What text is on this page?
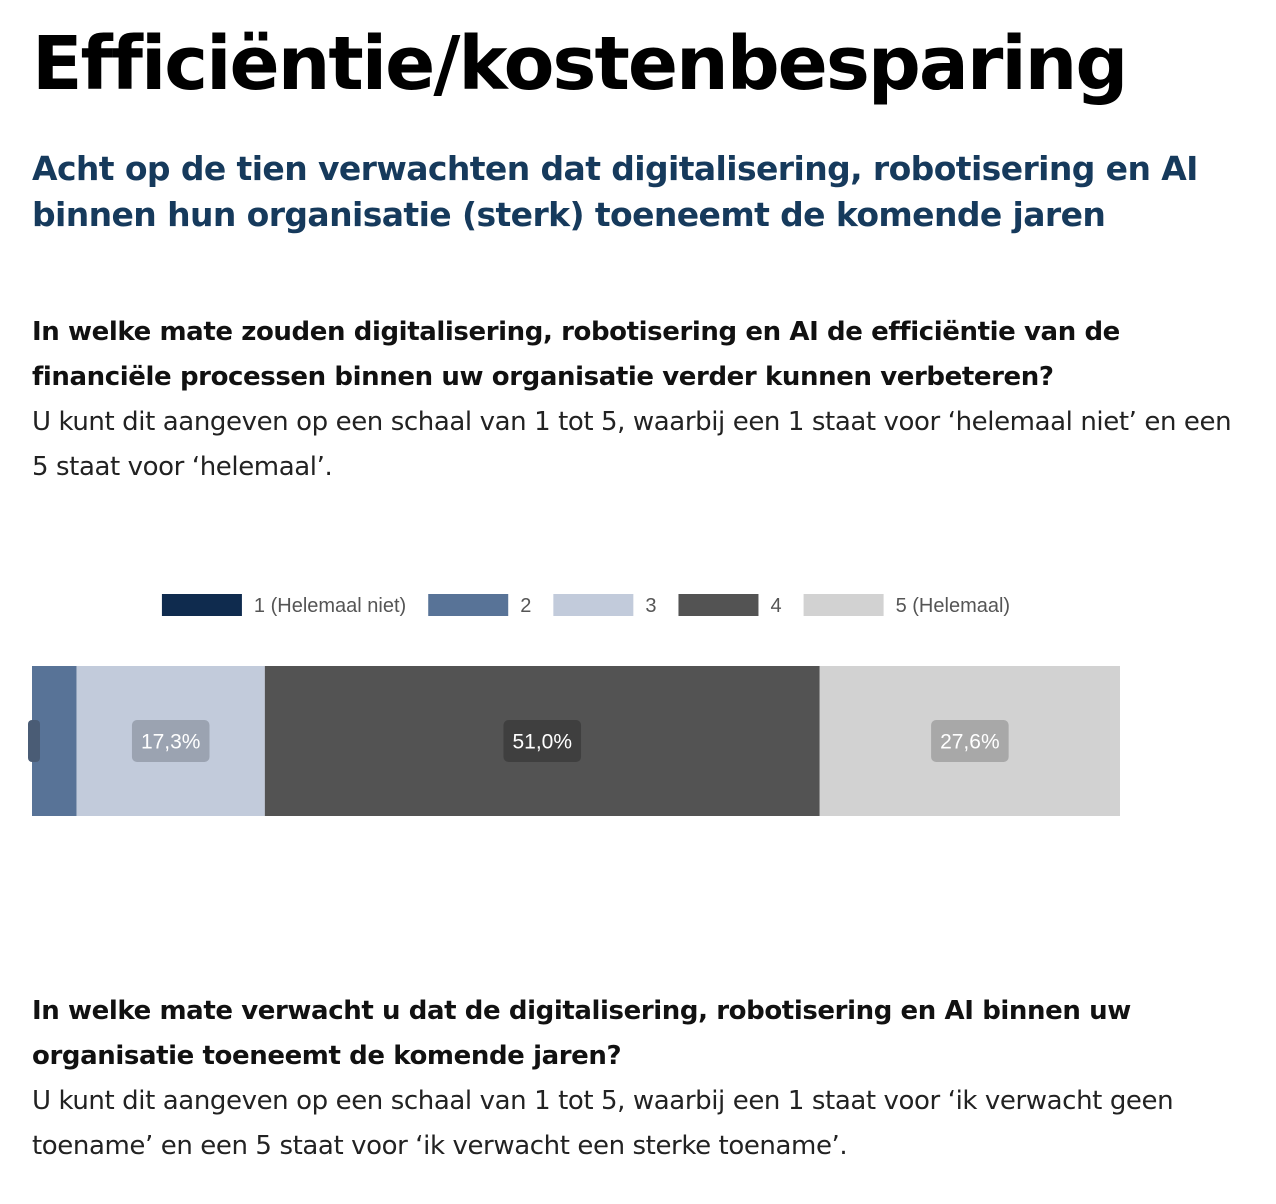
Efficiëntie/kostenbesparing
Acht op de tien verwachten dat digitalisering, robotisering en AI binnen hun organisatie (sterk) toeneemt de komende jaren
In welke mate zouden digitalisering, robotisering en AI de efficiëntie van de financiële processen binnen uw organisatie verder kunnen verbeteren?
U kunt dit aangeven op een schaal van 1 tot 5, waarbij een 1 staat voor ‘helemaal niet’ en een 5 staat voor ‘helemaal’.
1 (Helemaal niet)	2	3	4	5 (Helemaal)
17,3%	51,0%	27,6%
In welke mate verwacht u dat de digitalisering, robotisering en AI binnen uw organisatie toeneemt de komende jaren?
U kunt dit aangeven op een schaal van 1 tot 5, waarbij een 1 staat voor ‘ik verwacht geen toename’ en een 5 staat voor ‘ik verwacht een sterke toename’.
